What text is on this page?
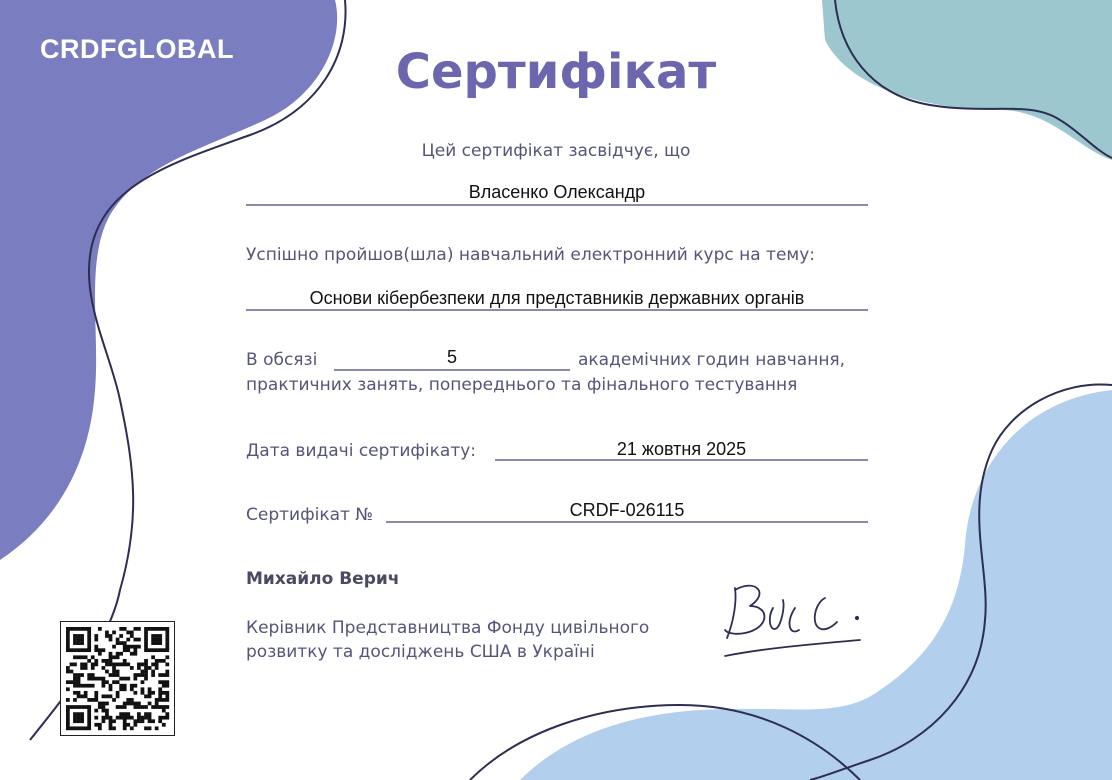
CRDFGLOBAL	Сертифікат
Цей сертифікат засвідчує, що
Власенко Олександр
Успішно пройшов(шла) навчальний електронний курс на тему:
Основи кібербезпеки для представників державних органів
В обсязі	5	академічних годин навчання,
практичних занять, попереднього та фінального тестування
Дата видачі сертифікату:	21 жовтня 2025
Сертифікат №	CRDF-026115
Михайло Верич
Керівник Представництва Фонду цивільного
розвитку та досліджень США в Україні
